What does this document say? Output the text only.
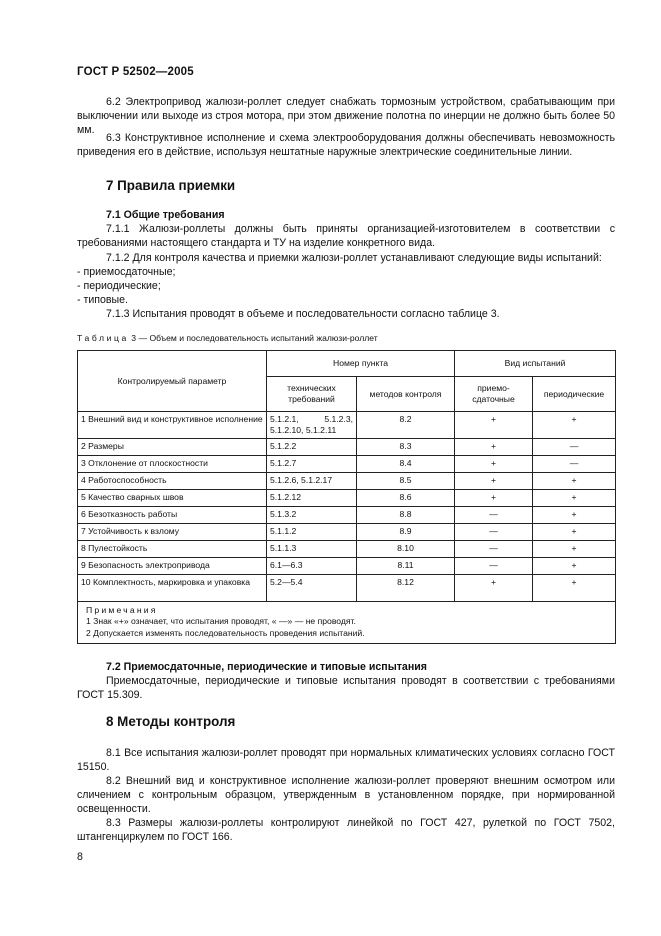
ГОСТ Р 52502—2005

6.2 Электропривод жалюзи-роллет следует снабжать тормозным устройством, срабатывающим при выключении или выходе из строя мотора, при этом движение полотна по инерции не должно быть более 50 мм.

6.3 Конструктивное исполнение и схема электрооборудования должны обеспечивать невозможность приведения его в действие, используя нештатные наружные электрические соединительные линии.

7 Правила приемки

7.1 Общие требования

7.1.1 Жалюзи-роллеты должны быть приняты организацией-изготовителем в соответствии с требованиями настоящего стандарта и ТУ на изделие конкретного вида.

7.1.2 Для контроля качества и приемки жалюзи-роллет устанавливают следующие виды испытаний:

- приемосдаточные;

- периодические;

- типовые.

7.1.3 Испытания проводят в объеме и последовательности согласно таблице 3.

Таблица 3 — Объем и последовательность испытаний жалюзи-роллет

Контролируемый параметр	Номер пункта		Вид испытаний	
	технических требований	методов контроля	приемо-сдаточные	периодические
1 Внешний вид и конструктивное исполнение	5.1.2.1, 5.1.2.3, 5.1.2.10, 5.1.2.11	8.2	+	+
2 Размеры	5.1.2.2	8.3	+	—
3 Отклонение от плоскостности	5.1.2.7	8.4	+	—
4 Работоспособность	5.1.2.6, 5.1.2.17	8.5	+	+
5 Качество сварных швов	5.1.2.12	8.6	+	+
6 Безотказность работы	5.1.3.2	8.8	—	+
7 Устойчивость к взлому	5.1.1.2	8.9	—	+
8 Пулестойкость	5.1.1.3	8.10	—	+
9 Безопасность электропривода	6.1—6.3	8.11	—	+
10 Комплектность, маркировка и упаковка	5.2—5.4	8.12	+	+

Примечания
1 Знак «+» означает, что испытания проводят, « —» — не проводят.
2 Допускается изменять последовательность проведения испытаний.				

7.2 Приемосдаточные, периодические и типовые испытания

Приемосдаточные, периодические и типовые испытания проводят в соответствии с требованиями ГОСТ 15.309.

8 Методы контроля

8.1 Все испытания жалюзи-роллет проводят при нормальных климатических условиях согласно ГОСТ 15150.

8.2 Внешний вид и конструктивное исполнение жалюзи-роллет проверяют внешним осмотром или сличением с контрольным образцом, утвержденным в установленном порядке, при нормированной освещенности.

8.3 Размеры жалюзи-роллеты контролируют линейкой по ГОСТ 427, рулеткой по ГОСТ 7502, штангенциркулем по ГОСТ 166.

8
